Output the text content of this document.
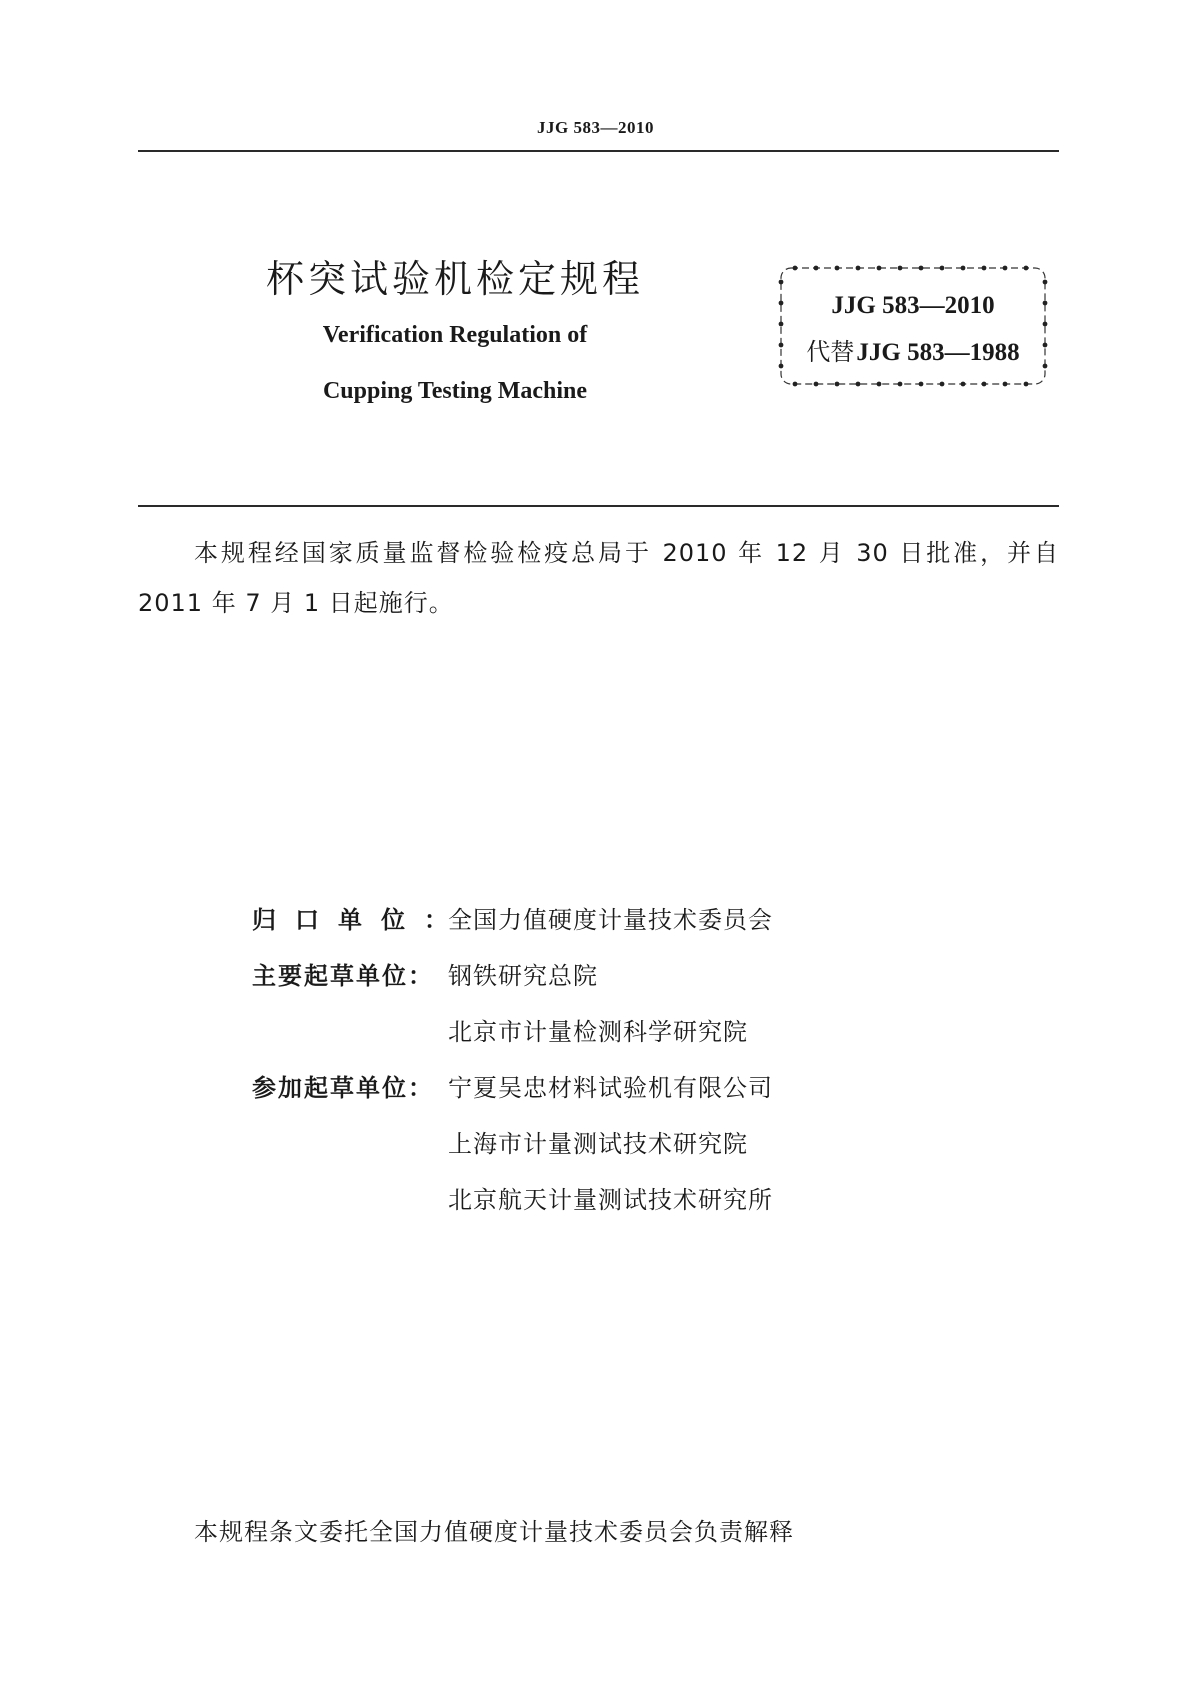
JJG 583—2010
杯突试验机检定规程
Verification Regulation of
Cupping Testing Machine
JJG 583—2010
代替JJG 583—1988
本规程经国家质量监督检验检疫总局于 2010 年 12 月 30 日批准，并自 2011 年 7 月 1 日起施行。
归口单位：全国力值硬度计量技术委员会
主要起草单位： 钢铁研究总院
北京市计量检测科学研究院
参加起草单位： 宁夏吴忠材料试验机有限公司
上海市计量测试技术研究院
北京航天计量测试技术研究所
本规程条文委托全国力值硬度计量技术委员会负责解释
